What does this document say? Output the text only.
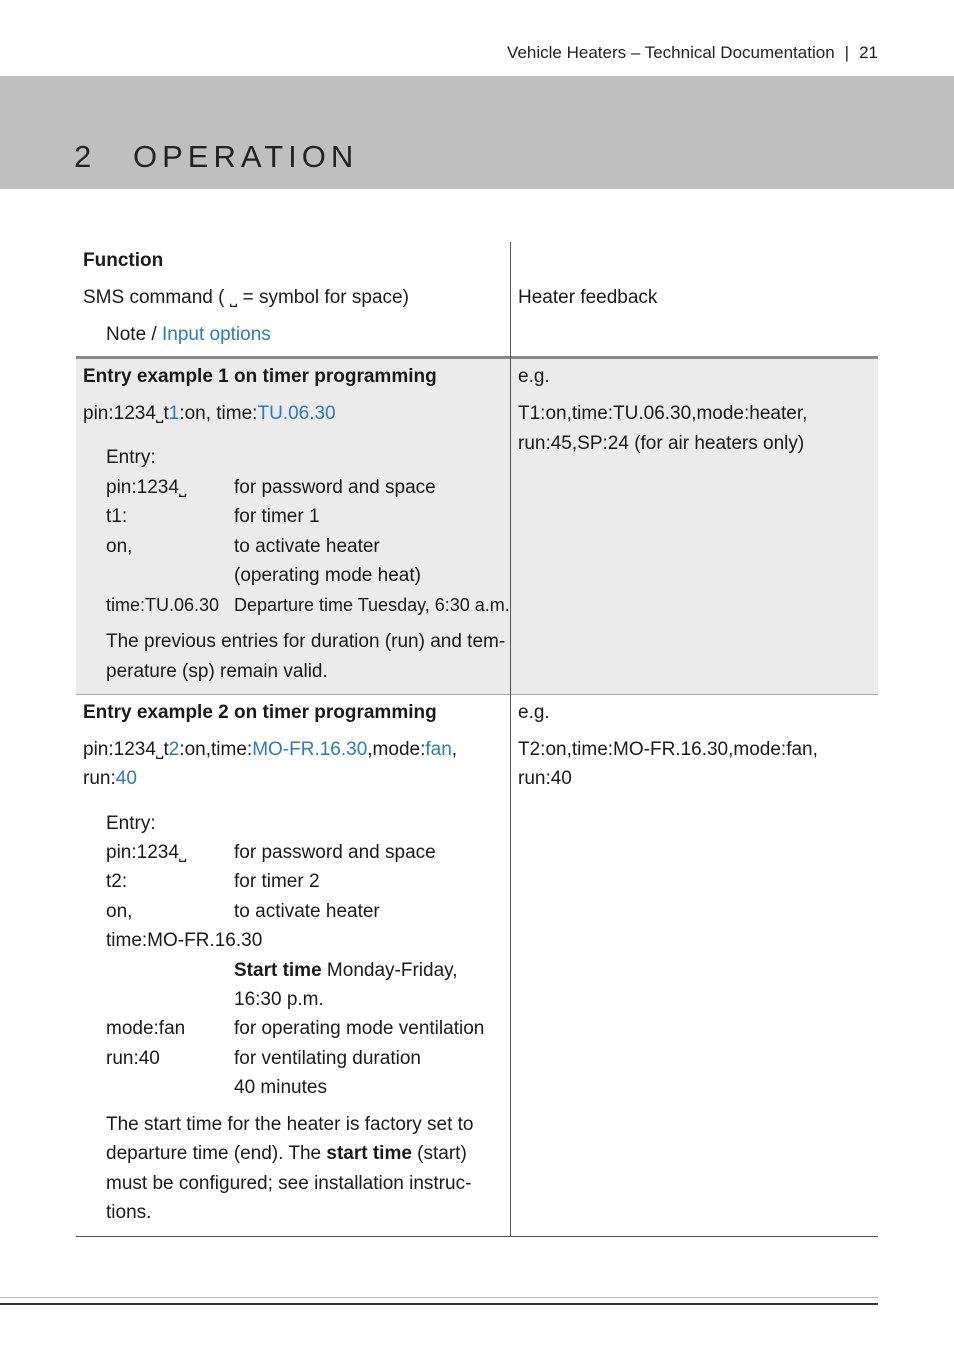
Vehicle Heaters – Technical Documentation | 21
2 OPERATION
Function
SMS command ( ˽ = symbol for space)
Note / Input options
Heater feedback
Entry example 1 on timer programming
pin:1234˽t1:on, time:TU.06.30
Entry:
pin:1234˽	for password and space
t1:	for timer 1
on,	to activate heater
(operating mode heat)
time:TU.06.30 Departure time Tuesday, 6:30 a.m.
The previous entries for duration (run) and tem-
perature (sp) remain valid.
e.g.
T1:on,time:TU.06.30,mode:heater,
run:45,SP:24 (for air heaters only)
Entry example 2 on timer programming
pin:1234˽t2:on,time:MO-FR.16.30,mode:fan,
run:40
Entry:
pin:1234˽	for password and space
t2:	for timer 2
on,	to activate heater
time:MO-FR.16.30
Start time Monday-Friday,
16:30 p.m.
mode:fan	for operating mode ventilation
run:40	for ventilating duration
40 minutes
The start time for the heater is factory set to
departure time (end). The start time (start)
must be configured; see installation instruc-
tions.
e.g.
T2:on,time:MO-FR.16.30,mode:fan,
run:40
